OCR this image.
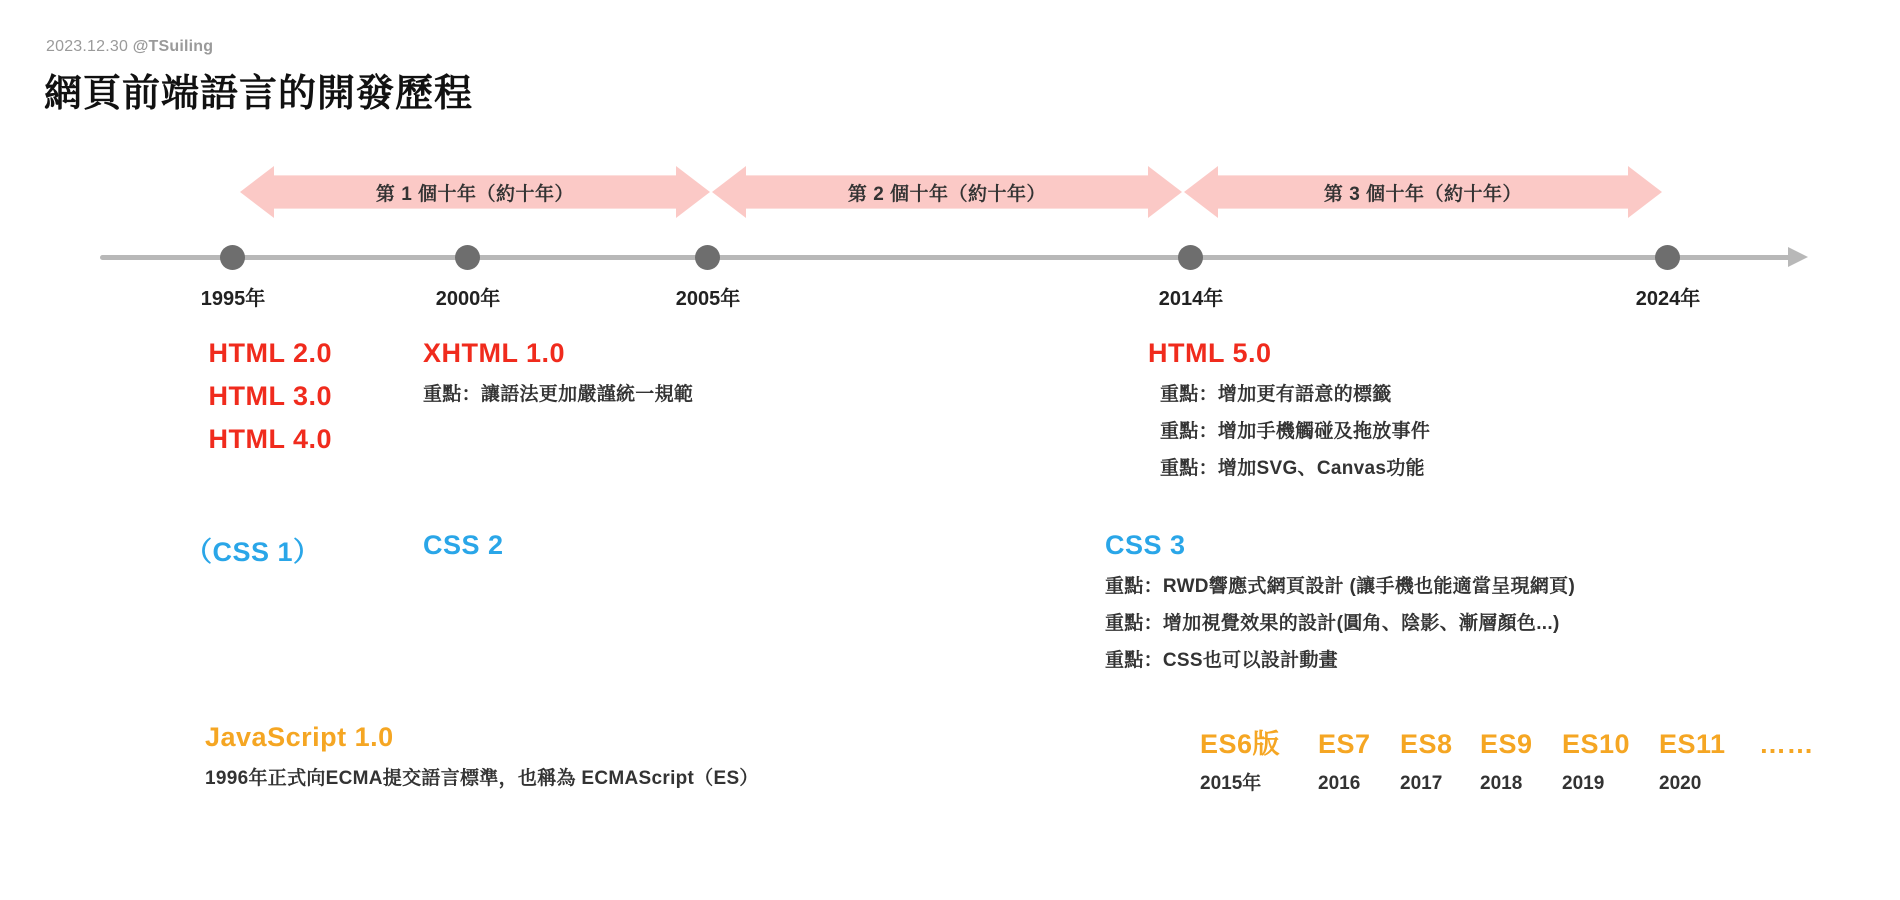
2023.12.30 @TSuiling
網頁前端語言的開發歷程
第 1 個十年（約十年）	第 2 個十年（約十年）	第 3 個十年（約十年）
1995年	2000年	2005年	2014年	2024年
HTML 2.0
HTML 3.0
HTML 4.0
XHTML 1.0
重點：讓語法更加嚴謹統一規範
HTML 5.0
重點：增加更有語意的標籤
重點：增加手機觸碰及拖放事件
重點：增加SVG、Canvas功能
（CSS 1）	CSS 2	CSS 3
重點：RWD響應式網頁設計 (讓手機也能適當呈現網頁)
重點：增加視覺效果的設計(圓角、陰影、漸層顏色...)
重點：CSS也可以設計動畫
JavaScript 1.0
1996年正式向ECMA提交語言標準，也稱為 ECMAScript（ES）
ES6版	ES7	ES8	ES9	ES10	ES11	……
2015年	2016	2017	2018	2019	2020
